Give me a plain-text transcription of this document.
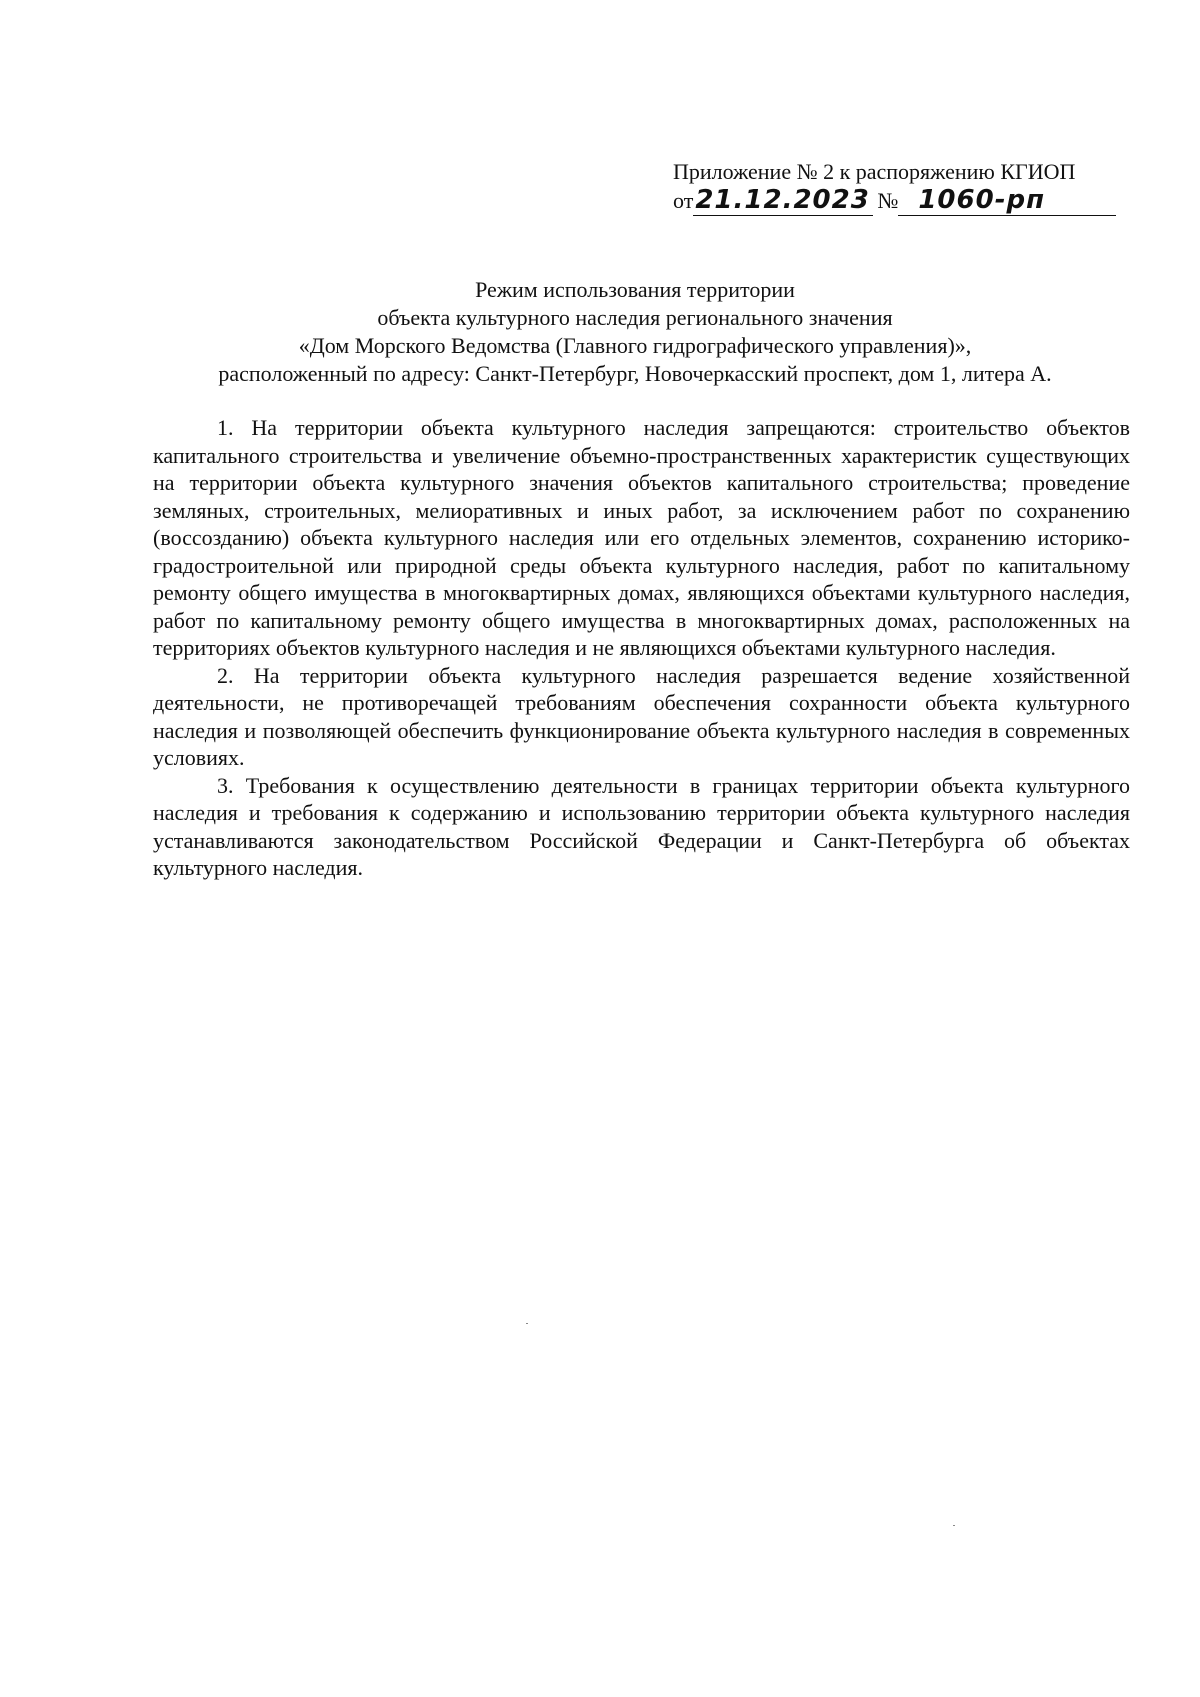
Приложение № 2 к распоряжению КГИОП
от 21.12.2023 № 1060-рп
Режим использования территории
объекта культурного наследия регионального значения
«Дом Морского Ведомства (Главного гидрографического управления)»,
расположенный по адресу: Санкт-Петербург, Новочеркасский проспект, дом 1, литера А.

1. На территории объекта культурного наследия запрещаются: строительство объектов капитального строительства и увеличение объемно-пространственных характеристик существующих на территории объекта культурного значения объектов капитального строительства; проведение земляных, строительных, мелиоративных и иных работ, за исключением работ по сохранению (воссозданию) объекта культурного наследия или его отдельных элементов, сохранению историко-градостроительной или природной среды объекта культурного наследия, работ по капитальному ремонту общего имущества в многоквартирных домах, являющихся объектами культурного наследия, работ по капитальному ремонту общего имущества в многоквартирных домах, расположенных на территориях объектов культурного наследия и не являющихся объектами культурного наследия.

2. На территории объекта культурного наследия разрешается ведение хозяйственной деятельности, не противоречащей требованиям обеспечения сохранности объекта культурного наследия и позволяющей обеспечить функционирование объекта культурного наследия в современных условиях.

3. Требования к осуществлению деятельности в границах территории объекта культурного наследия и требования к содержанию и использованию территории объекта культурного наследия устанавливаются законодательством Российской Федерации и Санкт-Петербурга об объектах культурного наследия.
